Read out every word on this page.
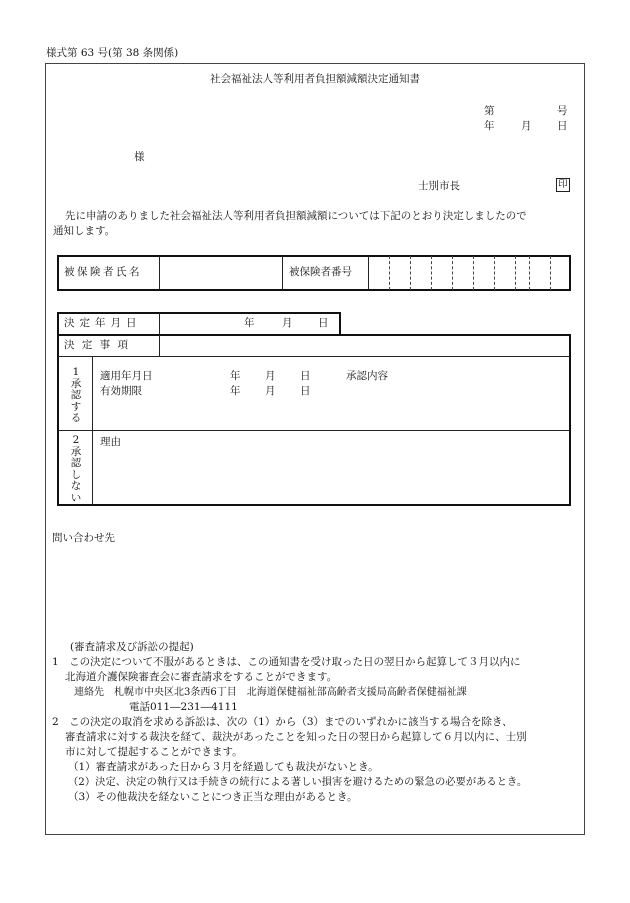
様式第 63 号(第 38 条関係)
社会福祉法人等利用者負担額減額決定通知書
第	号
年	月 日
様
士別市長	印
先に申請のありました社会福祉法人等利用者負担額減額については下記のとおり決定しましたので
通知します。
被保険者氏名	被保険者番号
決定年月日	年	月 日
決 定 事 項
1承認する
適用年月日	年 月 日	承認内容
有効期限	年 月 日
2承認しない
理由
問い合わせ先
(審査請求及び訴訟の提起)
1　この決定について不服があるときは、この通知書を受け取った日の翌日から起算して３月以内に
北海道介護保険審査会に審査請求をすることができます。
連絡先　札幌市中央区北3条西6丁目　北海道保健福祉部高齢者支援局高齢者保健福祉課
電話011―231―4111
2　この決定の取消を求める訴訟は、次の（1）から（3）までのいずれかに該当する場合を除き、
審査請求に対する裁決を経て、裁決があったことを知った日の翌日から起算して６月以内に、士別
市に対して提起することができます。
（1）審査請求があった日から３月を経過しても裁決がないとき。
（2）決定、決定の執行又は手続きの続行による著しい損害を避けるための緊急の必要があるとき。
（3）その他裁決を経ないことにつき正当な理由があるとき。
